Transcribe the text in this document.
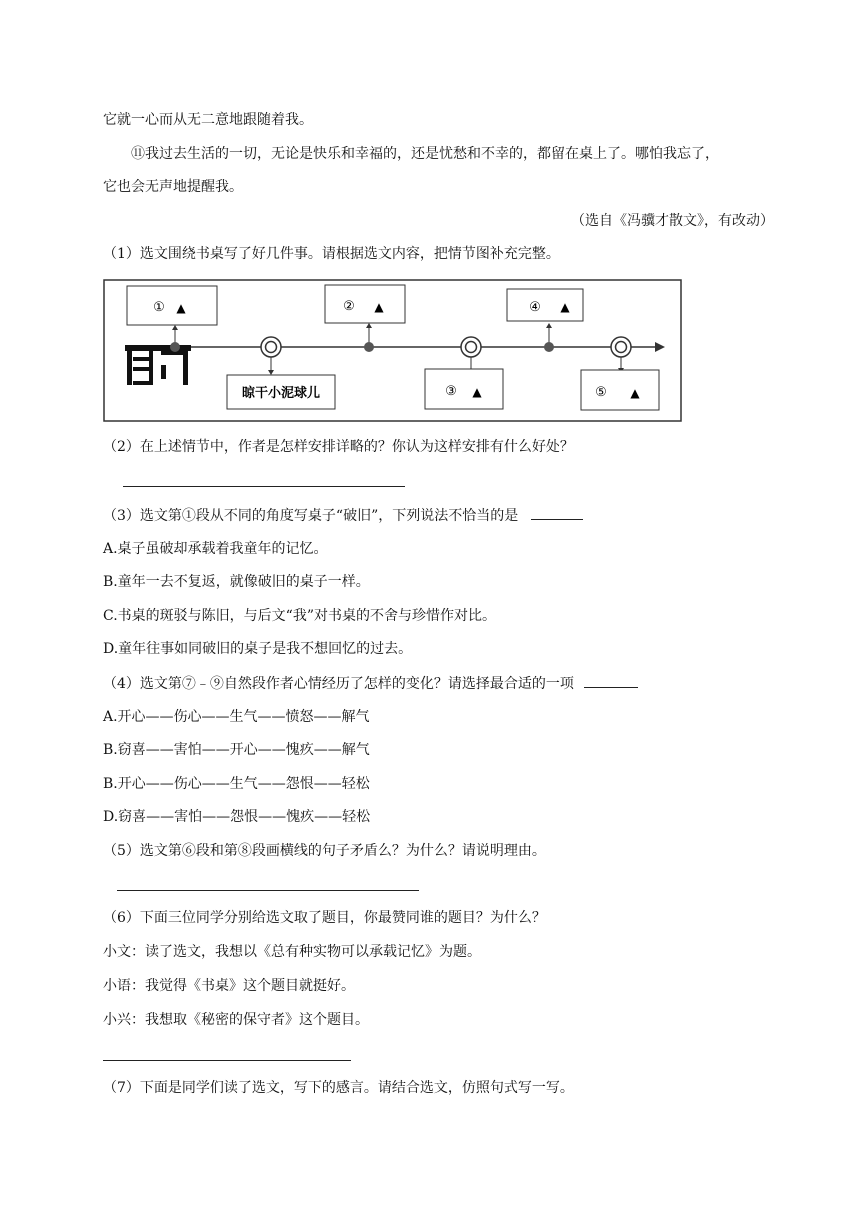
它就一心而从无二意地跟随着我。
⑪我过去生活的一切，无论是快乐和幸福的，还是忧愁和不幸的，都留在桌上了。哪怕我忘了，
它也会无声地提醒我。
（选自《冯骥才散文》，有改动）
（1）选文围绕书桌写了好几件事。请根据选文内容，把情节图补充完整。
① ▲	② ▲	④ ▲
晾干小泥球儿	③ ▲	⑤ ▲
（2）在上述情节中，作者是怎样安排详略的？你认为这样安排有什么好处？
（3）选文第①段从不同的角度写桌子“破旧”，下列说法不恰当的是
A.桌子虽破却承载着我童年的记忆。
B.童年一去不复返，就像破旧的桌子一样。
C.书桌的斑驳与陈旧，与后文“我”对书桌的不舍与珍惜作对比。
D.童年往事如同破旧的桌子是我不想回忆的过去。
（4）选文第⑦﹣⑨自然段作者心情经历了怎样的变化？请选择最合适的一项
A.开心——伤心——生气——愤怒——解气
B.窃喜——害怕——开心——愧疚——解气
B.开心——伤心——生气——怨恨——轻松
D.窃喜——害怕——怨恨——愧疚——轻松
（5）选文第⑥段和第⑧段画横线的句子矛盾么？为什么？请说明理由。
（6）下面三位同学分别给选文取了题目，你最赞同谁的题目？为什么？
小文：读了选文，我想以《总有种实物可以承载记忆》为题。
小语：我觉得《书桌》这个题目就挺好。
小兴：我想取《秘密的保守者》这个题目。
（7）下面是同学们读了选文，写下的感言。请结合选文，仿照句式写一写。
